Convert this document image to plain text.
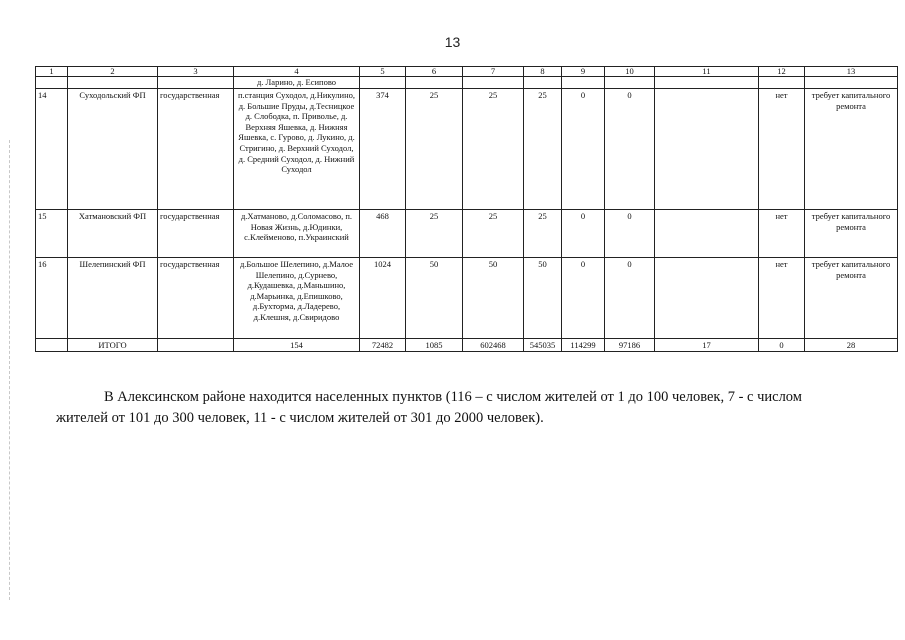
13
1	2	3	4	5	6	7	8	9	10	11	12	13
			д. Ларино, д. Есипово									
14	Суходольский ФП	государственная	п.станция Суходол, д.Никулино, д. Большие Пруды, д.Тесницкое д. Слободка, п. Приволье, д. Верхняя Яшевка, д. Нижняя Яшевка, с. Гурово, д. Лукино, д. Стригино, д. Верхний Суходол, д. Средний Суходол, д. Нижний Суходол	374	25	25	25	0	0		нет	требует капитального ремонта
15	Хатмановский ФП	государственная	д.Хатманово, д.Соломасово, п. Новая Жизнь, д.Юдинки, с.Клейменово, п.Украинский	468	25	25	25	0	0		нет	требует капитального ремонта
16	Шелепинский ФП	государственная	д.Большое Шелепино, д.Малое Шелепино, д.Сурнево, д.Кудашевка, д.Маньшино, д.Марьинка, д.Епишково, д.Бухторма, д.Ладерево, д.Клешня, д.Свиридово	1024	50	50	50	0	0		нет	требует капитального ремонта
	ИТОГО		154	72482	1085	602468	545035	114299	97186	17	0	28

В Алексинском районе находится населенных пунктов (116 – с числом жителей от 1 до 100 человек, 7 - с числом жителей от 101 до 300 человек, 11 - с числом жителей от 301 до 2000 человек).
